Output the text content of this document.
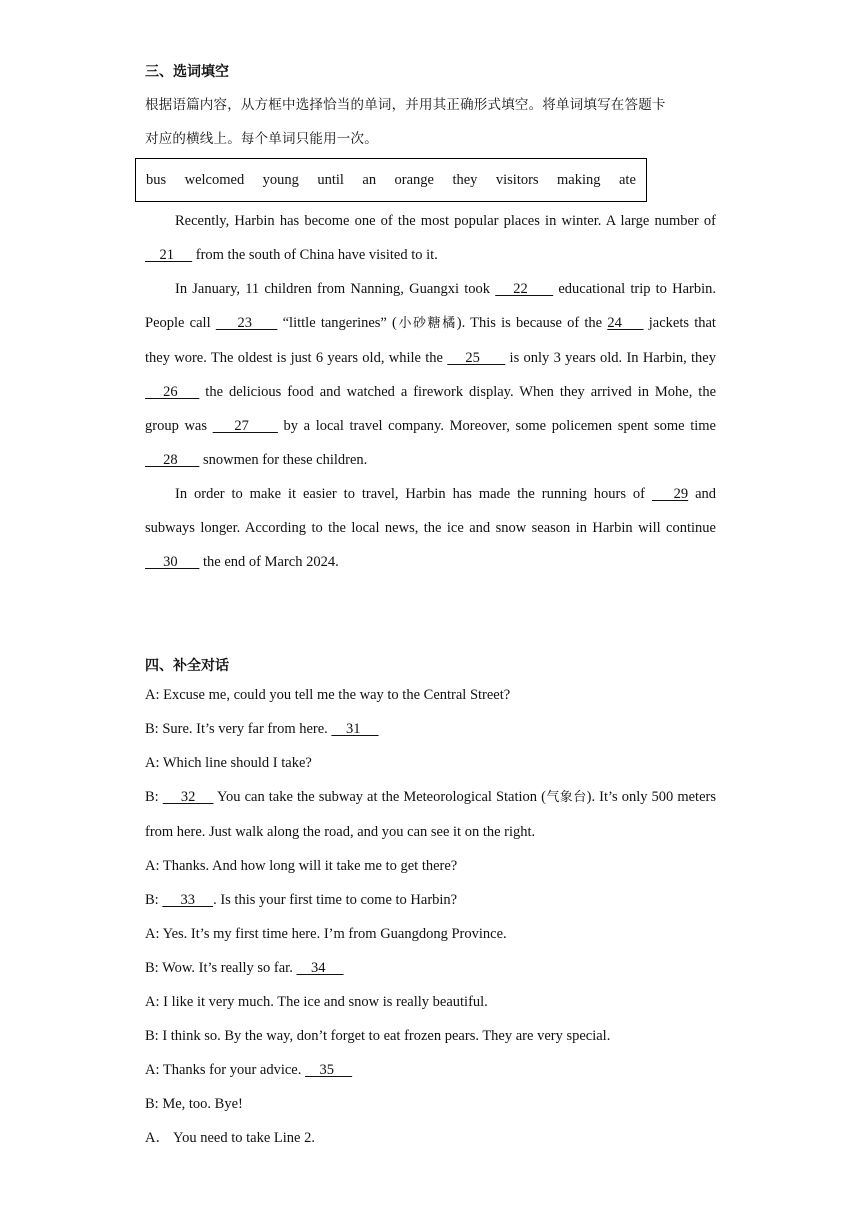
三、选词填空

根据语篇内容，从方框中选择恰当的单词，并用其正确形式填空。将单词填写在答题卡

对应的横线上。每个单词只能用一次。

bus welcomed young until an orange they visitors making ate

Recently, Harbin has become one of the most popular places in winter. A large number of     21      from the south of China have visited to it.

In January, 11 children from Nanning, Guangxi took      22        educational trip to Harbin. People call       23        “little tangerines” (小砂糖橘). This is because of the 24       jackets that they wore. The oldest is just 6 years old, while the      25        is only 3 years old. In Harbin, they      26       the delicious food and watched a firework display. When they arrived in Mohe, the group was       27         by a local travel company. Moreover, some policemen spent some time      28       snowmen for these children.

In order to make it easier to travel, Harbin has made the running hours of       29 and subways longer. According to the local news, the ice and snow season in Harbin will continue      30       the end of March 2024.

四、补全对话

A: Excuse me, could you tell me the way to the Central Street?

B: Sure. It’s very far from here.     31

A: Which line should I take?

B:      32      You can take the subway at the Meteorological Station (气象台). It’s only 500 meters from here. Just walk along the road, and you can see it on the right.

A: Thanks. And how long will it take me to get there?

B:      33     . Is this your first time to come to Harbin?

A: Yes. It’s my first time here. I’m from Guangdong Province.

B: Wow. It’s really so far.     34

A: I like it very much. The ice and snow is really beautiful.

B: I think so. By the way, don’t forget to eat frozen pears. They are very special.

A: Thanks for your advice.     35

B: Me, too. Bye!

A． You need to take Line 2.
